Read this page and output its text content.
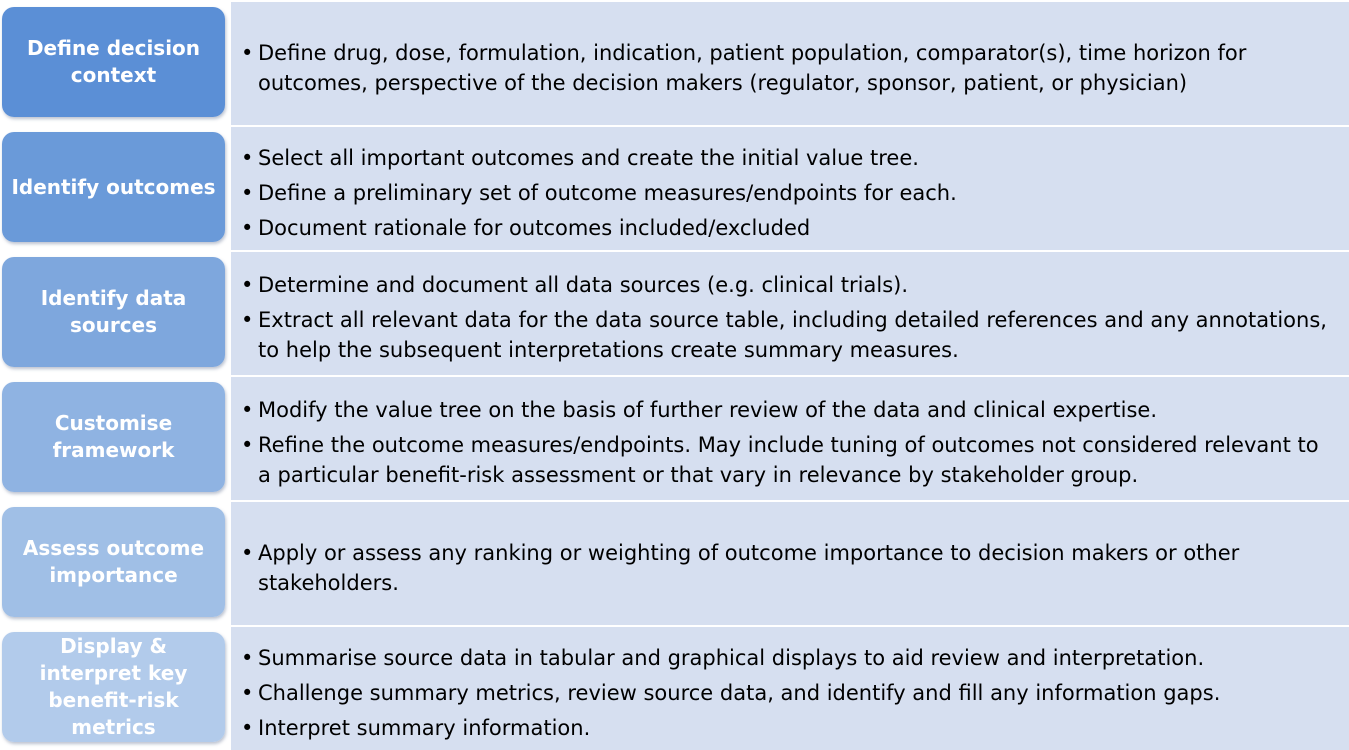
Define decision context
• Define drug, dose, formulation, indication, patient population, comparator(s), time horizon for outcomes, perspective of the decision makers (regulator, sponsor, patient, or physician)
Identify outcomes
• Select all important outcomes and create the initial value tree.
• Define a preliminary set of outcome measures/endpoints for each.
• Document rationale for outcomes included/excluded
Identify data sources
• Determine and document all data sources (e.g. clinical trials).
• Extract all relevant data for the data source table, including detailed references and any annotations, to help the subsequent interpretations create summary measures.
Customise framework
• Modify the value tree on the basis of further review of the data and clinical expertise.
• Refine the outcome measures/endpoints. May include tuning of outcomes not considered relevant to a particular benefit-risk assessment or that vary in relevance by stakeholder group.
Assess outcome importance
• Apply or assess any ranking or weighting of outcome importance to decision makers or other stakeholders.
Display & interpret key benefit-risk metrics
• Summarise source data in tabular and graphical displays to aid review and interpretation.
• Challenge summary metrics, review source data, and identify and fill any information gaps.
• Interpret summary information.
